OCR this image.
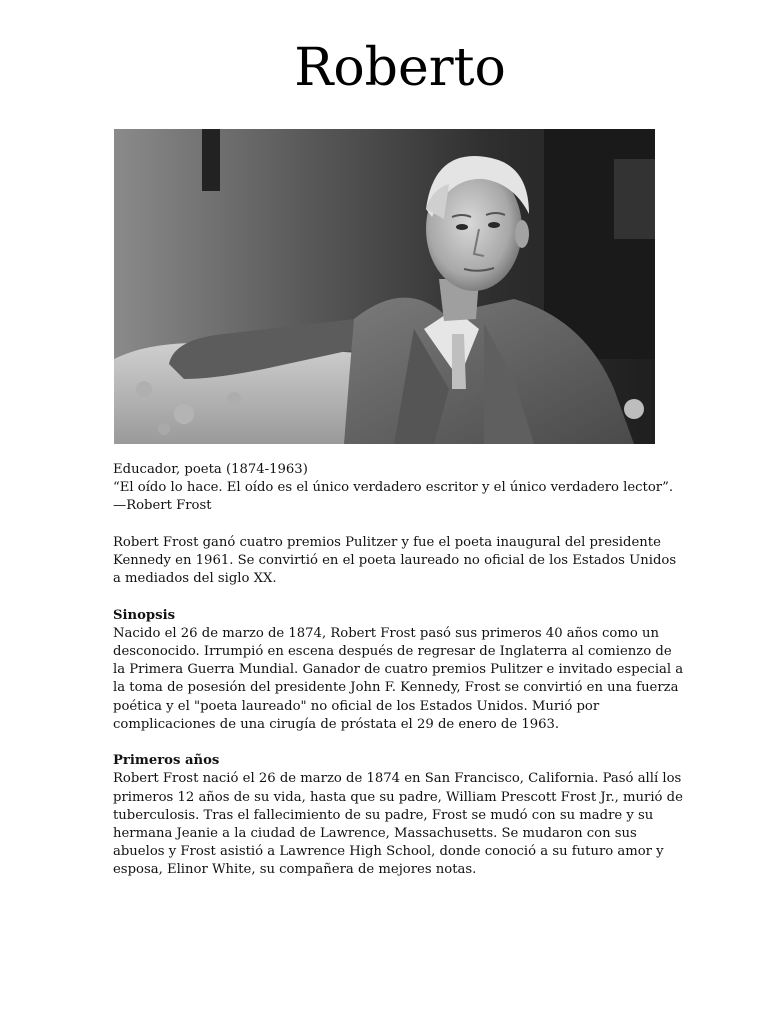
Roberto
Educador, poeta (1874-1963)
“El oído lo hace. El oído es el único verdadero escritor y el único verdadero lector”.
—Robert Frost
Robert Frost ganó cuatro premios Pulitzer y fue el poeta inaugural del presidente
Kennedy en 1961. Se convirtió en el poeta laureado no oficial de los Estados Unidos
a mediados del siglo XX.
Sinopsis
Nacido el 26 de marzo de 1874, Robert Frost pasó sus primeros 40 años como un
desconocido. Irrumpió en escena después de regresar de Inglaterra al comienzo de
la Primera Guerra Mundial. Ganador de cuatro premios Pulitzer e invitado especial a
la toma de posesión del presidente John F. Kennedy, Frost se convirtió en una fuerza
poética y el "poeta laureado" no oficial de los Estados Unidos. Murió por
complicaciones de una cirugía de próstata el 29 de enero de 1963.
Primeros años
Robert Frost nació el 26 de marzo de 1874 en San Francisco, California. Pasó allí los
primeros 12 años de su vida, hasta que su padre, William Prescott Frost Jr., murió de
tuberculosis. Tras el fallecimiento de su padre, Frost se mudó con su madre y su
hermana Jeanie a la ciudad de Lawrence, Massachusetts. Se mudaron con sus
abuelos y Frost asistió a Lawrence High School, donde conoció a su futuro amor y
esposa, Elinor White, su compañera de mejores notas.
